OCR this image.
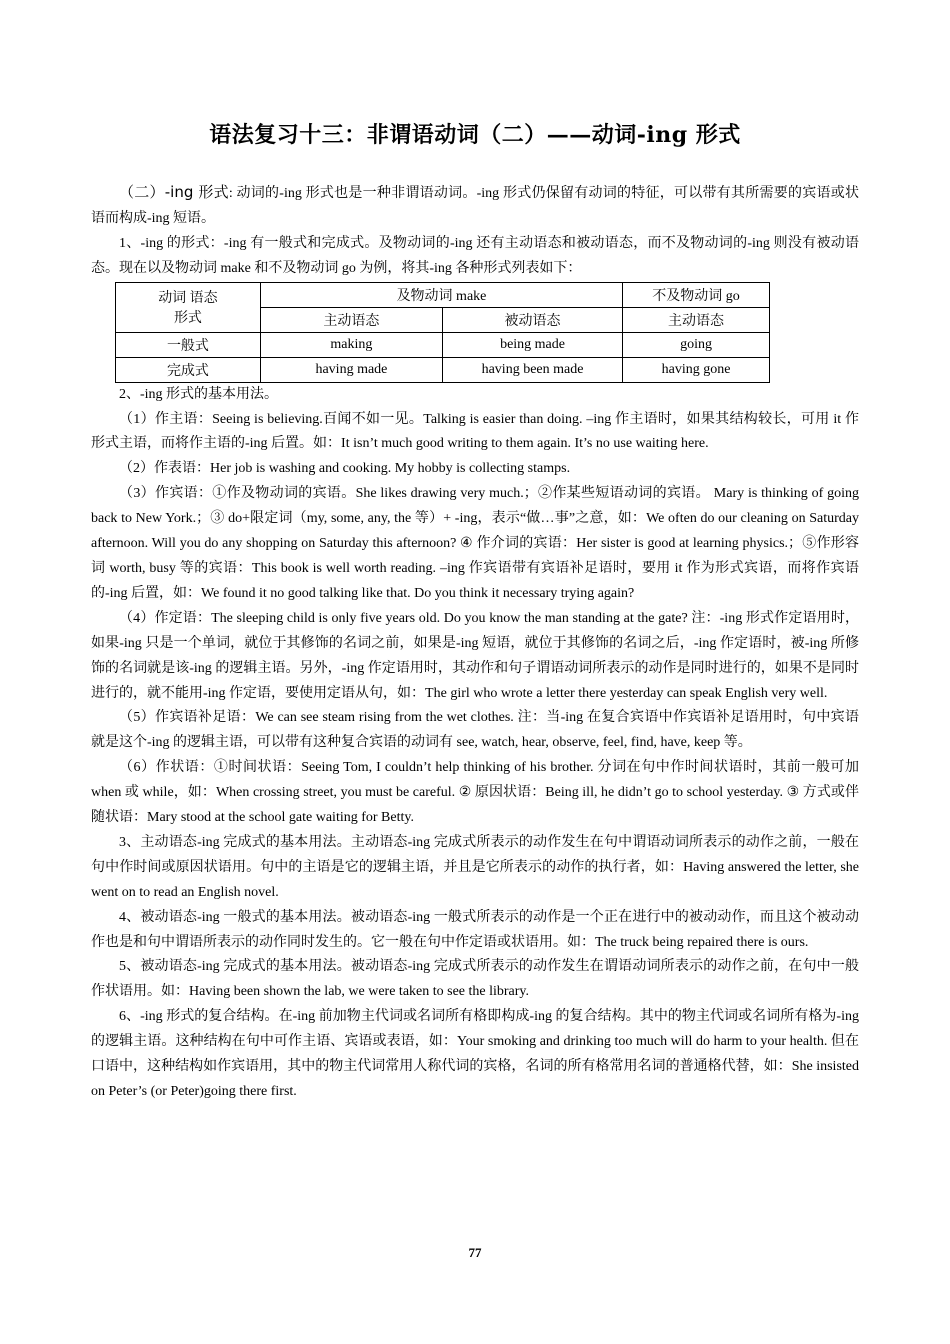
语法复习十三：非谓语动词（二）——动词-ing 形式

（二）-ing 形式: 动词的-ing 形式也是一种非谓语动词。-ing 形式仍保留有动词的特征，可以带有其所需要的宾语或状语而构成-ing 短语。

1、-ing 的形式：-ing 有一般式和完成式。及物动词的-ing 还有主动语态和被动语态，而不及物动词的-ing 则没有被动语态。现在以及物动词 make 和不及物动词 go 为例，将其-ing 各种形式列表如下：

动词 语态
形式	及物动词 make		不及物动词 go
	主动语态	被动语态	主动语态
一般式	making	being made	going
完成式	having made	having been made	having gone

2、-ing 形式的基本用法。

（1）作主语：Seeing is believing.百闻不如一见。Talking is easier than doing. –ing 作主语时，如果其结构较长，可用 it 作形式主语，而将作主语的-ing 后置。如：It isn’t much good writing to them again. It’s no use waiting here.

（2）作表语：Her job is washing and cooking. My hobby is collecting stamps.

（3）作宾语：①作及物动词的宾语。She likes drawing very much.；②作某些短语动词的宾语。 Mary is thinking of going back to New York.；③ do+限定词（my, some, any, the 等）+ -ing，表示“做…事”之意，如：We often do our cleaning on Saturday afternoon. Will you do any shopping on Saturday this afternoon? ④ 作介词的宾语：Her sister is good at learning physics.；⑤作形容词 worth, busy 等的宾语：This book is well worth reading. –ing 作宾语带有宾语补足语时，要用 it 作为形式宾语，而将作宾语的-ing 后置，如：We found it no good talking like that. Do you think it necessary trying again?

（4）作定语：The sleeping child is only five years old. Do you know the man standing at the gate? 注：-ing 形式作定语用时，如果-ing 只是一个单词，就位于其修饰的名词之前，如果是-ing 短语，就位于其修饰的名词之后，-ing 作定语时，被-ing 所修饰的名词就是该-ing 的逻辑主语。另外，-ing 作定语用时，其动作和句子谓语动词所表示的动作是同时进行的，如果不是同时进行的，就不能用-ing 作定语，要使用定语从句，如：The girl who wrote a letter there yesterday can speak English very well.

（5）作宾语补足语：We can see steam rising from the wet clothes. 注：当-ing 在复合宾语中作宾语补足语用时，句中宾语就是这个-ing 的逻辑主语，可以带有这种复合宾语的动词有 see, watch, hear, observe, feel, find, have, keep 等。

（6）作状语：①时间状语：Seeing Tom, I couldn’t help thinking of his brother. 分词在句中作时间状语时，其前一般可加 when 或 while，如：When crossing street, you must be careful. ② 原因状语：Being ill, he didn’t go to school yesterday. ③ 方式或伴随状语：Mary stood at the school gate waiting for Betty.

3、主动语态-ing 完成式的基本用法。主动语态-ing 完成式所表示的动作发生在句中谓语动词所表示的动作之前，一般在句中作时间或原因状语用。句中的主语是它的逻辑主语，并且是它所表示的动作的执行者，如：Having answered the letter, she went on to read an English novel.

4、被动语态-ing 一般式的基本用法。被动语态-ing 一般式所表示的动作是一个正在进行中的被动动作，而且这个被动动作也是和句中谓语所表示的动作同时发生的。它一般在句中作定语或状语用。如：The truck being repaired there is ours.

5、被动语态-ing 完成式的基本用法。被动语态-ing 完成式所表示的动作发生在谓语动词所表示的动作之前，在句中一般作状语用。如：Having been shown the lab, we were taken to see the library.

6、-ing 形式的复合结构。在-ing 前加物主代词或名词所有格即构成-ing 的复合结构。其中的物主代词或名词所有格为-ing 的逻辑主语。这种结构在句中可作主语、宾语或表语，如：Your smoking and drinking too much will do harm to your health. 但在口语中，这种结构如作宾语用，其中的物主代词常用人称代词的宾格，名词的所有格常用名词的普通格代替，如：She insisted on Peter’s (or Peter)going there first.

77
